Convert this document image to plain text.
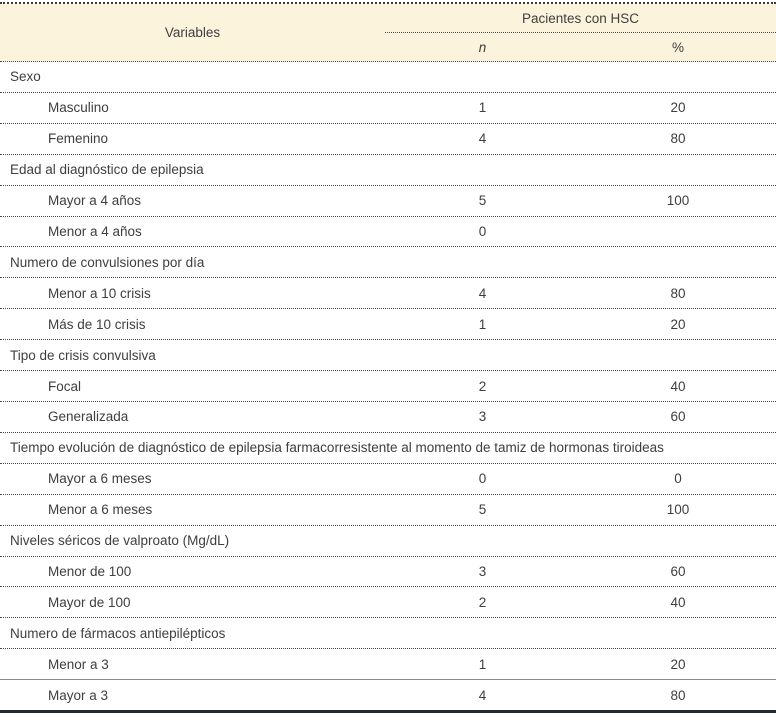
Variables
Pacientes con HSC
n	%
Sexo
Masculino	1	20
Femenino	4	80
Edad al diagnóstico de epilepsia
Mayor a 4 años	5	100
Menor a 4 años	0
Numero de convulsiones por día
Menor a 10 crisis	4	80
Más de 10 crisis	1	20
Tipo de crisis convulsiva
Focal	2	40
Generalizada	3	60
Tiempo evolución de diagnóstico de epilepsia farmacorresistente al momento de tamiz de hormonas tiroideas
Mayor a 6 meses	0	0
Menor a 6 meses	5	100
Niveles séricos de valproato (Mg/dL)
Menor de 100	3	60
Mayor de 100	2	40
Numero de fármacos antiepilépticos
Menor a 3	1	20
Mayor a 3	4	80
